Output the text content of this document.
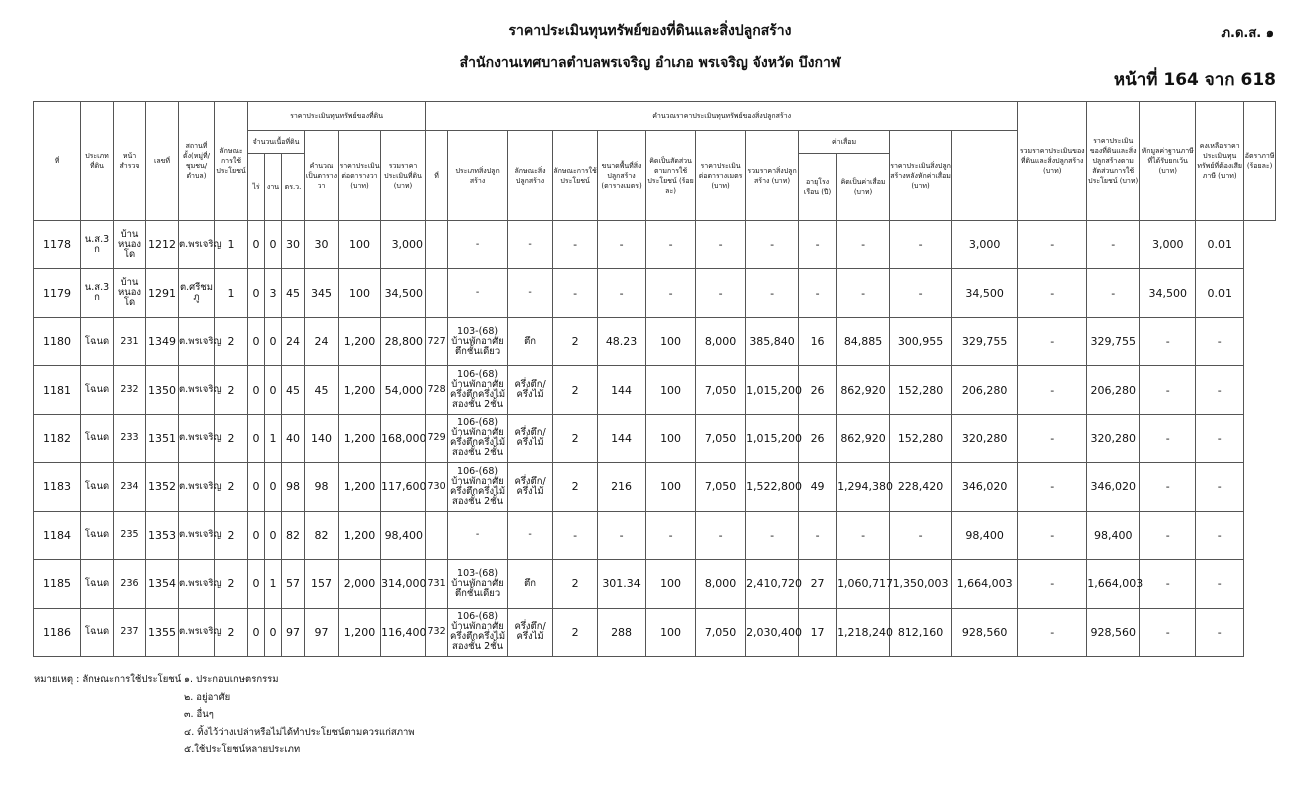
ราคาประเมินทุนทรัพย์ของที่ดินและสิ่งปลูกสร้าง
สำนักงานเทศบาลตำบลพรเจริญ อำเภอ พรเจริญ จังหวัด บึงกาฬ
ภ.ด.ส. ๑
หน้าที่ 164 จาก 618
ที่	ประเภทที่ดิน	หน้าสำรวจ	เลขที่	สถานที่ตั้ง(หมู่ที่/ชุมชน/ตำบล)	ลักษณะการใช้ประโยชน์	ราคาประเมินทุนทรัพย์ของที่ดิน						คำนวณราคาประเมินทุนทรัพย์ของสิ่งปลูกสร้าง												รวมราคาประเมินของที่ดินและสิ่งปลูกสร้าง (บาท)	ราคาประเมินของที่ดินและสิ่งปลูกสร้างตามสัดส่วนการใช้ประโยชน์ (บาท)	หักมูลค่าฐานภาษีที่ได้รับยกเว้น (บาท)	คงเหลือราคาประเมินทุนทรัพย์ที่ต้องเสียภาษี (บาท)	อัตราภาษี (ร้อยละ)
						จำนวนเนื้อที่ดิน			คำนวณเป็นตารางวา	ราคาประเมินต่อตารางวา (บาท)	รวมราคาประเมินที่ดิน (บาท)	ที่	ประเภทสิ่งปลูกสร้าง	ลักษณะสิ่งปลูกสร้าง	ลักษณะการใช้ประโยชน์	ขนาดพื้นที่สิ่งปลูกสร้าง (ตารางเมตร)	คิดเป็นสัดส่วนตามการใช้ประโยชน์ (ร้อยละ)	ราคาประเมินต่อตารางเมตร (บาท)	รวมราคาสิ่งปลูกสร้าง (บาท)	ค่าเสื่อม		ราคาประเมินสิ่งปลูกสร้างหลังหักค่าเสื่อม (บาท)						
						ไร่	งาน	ตร.ว.												อายุโรงเรือน (ปี)	คิดเป็นค่าเสื่อม (บาท)							
1178	น.ส.3 ก	บ้านหนองโด	1212	ต.พรเจริญ	1	0	0	30	30	100	3,000		-	-	-	-	-	-	-	-	-	-	3,000	-	-	3,000	0.01	
1179	น.ส.3 ก	บ้านหนองโด	1291	ต.ศรีชมภู	1	0	3	45	345	100	34,500		-	-	-	-	-	-	-	-	-	-	34,500	-	-	34,500	0.01	
1180	โฉนด	231	1349	ต.พรเจริญ	2	0	0	24	24	1,200	28,800	727	103-(68) บ้านพักอาศัยตึกชั้นเดียว	ตึก	2	48.23	100	8,000	385,840	16	84,885	300,955	329,755	-	329,755	-	-	
1181	โฉนด	232	1350	ต.พรเจริญ	2	0	0	45	45	1,200	54,000	728	106-(68) บ้านพักอาศัยครึ่งตึกครึ่งไม้สองชั้น 2ชั้น	ครึ่งตึก/ครึ่งไม้	2	144	100	7,050	1,015,200	26	862,920	152,280	206,280	-	206,280	-	-	
1182	โฉนด	233	1351	ต.พรเจริญ	2	0	1	40	140	1,200	168,000	729	106-(68) บ้านพักอาศัยครึ่งตึกครึ่งไม้สองชั้น 2ชั้น	ครึ่งตึก/ครึ่งไม้	2	144	100	7,050	1,015,200	26	862,920	152,280	320,280	-	320,280	-	-	
1183	โฉนด	234	1352	ต.พรเจริญ	2	0	0	98	98	1,200	117,600	730	106-(68) บ้านพักอาศัยครึ่งตึกครึ่งไม้สองชั้น 2ชั้น	ครึ่งตึก/ครึ่งไม้	2	216	100	7,050	1,522,800	49	1,294,380	228,420	346,020	-	346,020	-	-	
1184	โฉนด	235	1353	ต.พรเจริญ	2	0	0	82	82	1,200	98,400		-	-	-	-	-	-	-	-	-	-	98,400	-	98,400	-	-	
1185	โฉนด	236	1354	ต.พรเจริญ	2	0	1	57	157	2,000	314,000	731	103-(68) บ้านพักอาศัยตึกชั้นเดียว	ตึก	2	301.34	100	8,000	2,410,720	27	1,060,717	1,350,003	1,664,003	-	1,664,003	-	-	
1186	โฉนด	237	1355	ต.พรเจริญ	2	0	0	97	97	1,200	116,400	732	106-(68) บ้านพักอาศัยครึ่งตึกครึ่งไม้สองชั้น 2ชั้น	ครึ่งตึก/ครึ่งไม้	2	288	100	7,050	2,030,400	17	1,218,240	812,160	928,560	-	928,560	-	-	
หมายเหตุ : ลักษณะการใช้ประโยชน์ ๑. ประกอบเกษตรกรรม
๒. อยู่อาศัย
๓. อื่นๆ
๔. ทิ้งไว้ว่างเปล่าหรือไม่ได้ทำประโยชน์ตามควรแก่สภาพ
๕.ใช้ประโยชน์หลายประเภท
